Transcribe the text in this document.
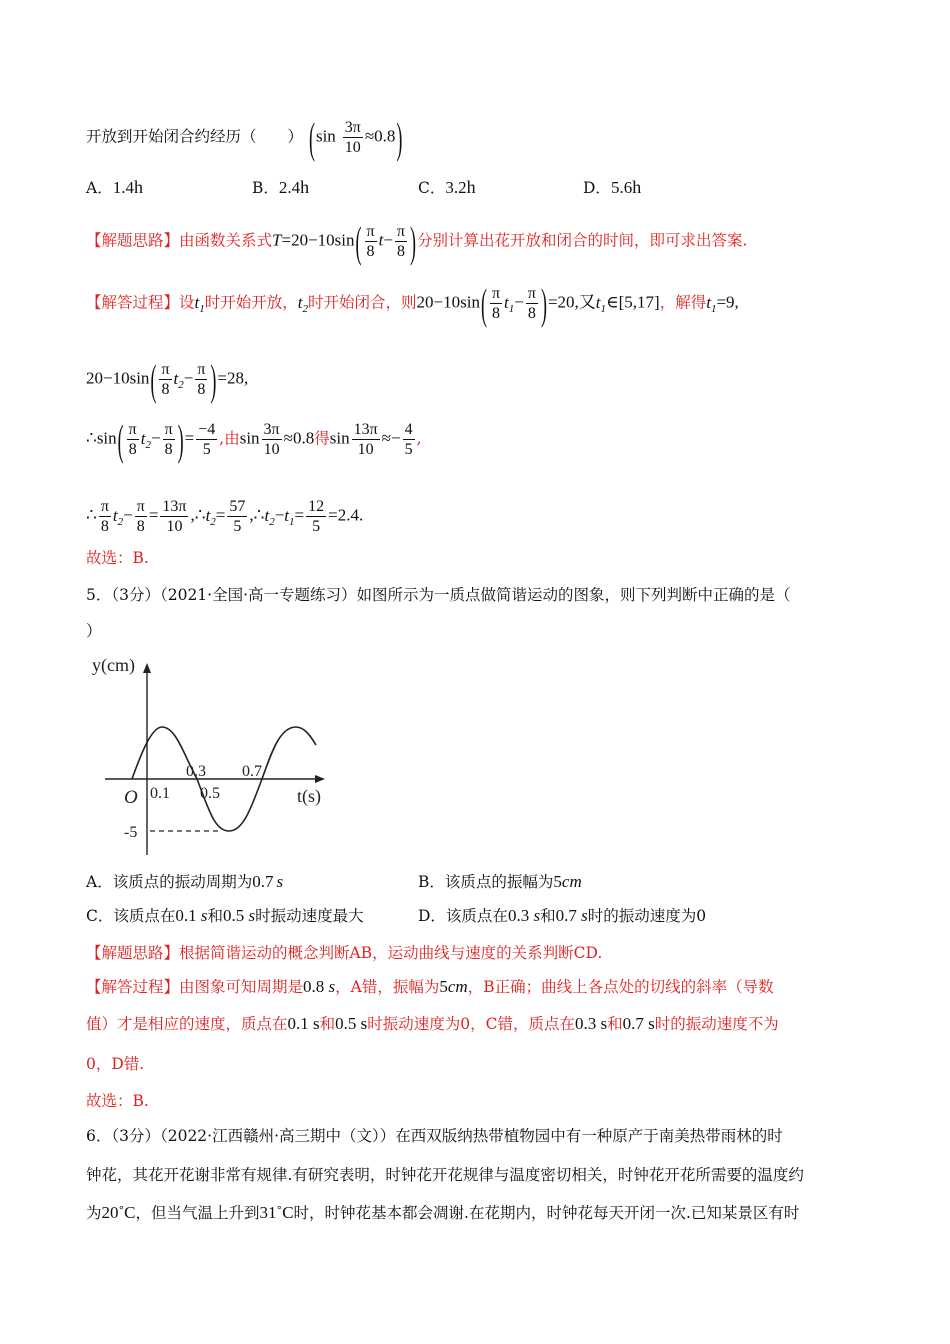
开放到开始闭合约经历（　　） $(\sin \frac{3\pi}{10} \approx 0.8)$
A．1.4h	B．2.4h	C．3.2h	D．5.6h
【解题思路】由函数关系式$T=20-10\sin( \frac{\pi}{8} t- \frac{\pi}{8}$ )分别计算出花开放和闭合的时间，即可求出答案.
【解答过程】设$t_1$时开始开放，$t_2$时开始闭合，则$20-10\sin( \frac{\pi}{8} t_1- \frac{\pi}{8} )=20$,又$t_1\in[5,17]$，解得$t_1=9$,
$20-10\sin( \frac{\pi}{8} t_2- \frac{\pi}{8} )=28$,
∴sin( $\frac{\pi}{8} t_2- \frac{\pi}{8}$ )= $\frac{-4}{5}$ ,由$\sin \frac{3\pi}{10} \approx 0.8$得$\sin \frac{13\pi}{10} \approx- \frac{4}{5}$ ,
∴ $\frac{\pi}{8} t_2- \frac{\pi}{8} = \frac{13\pi}{10}$ $,\therefore t_2= \frac{57}{5}$ $,\therefore t_2-t_1= \frac{12}{5} =2.4$.
故选：B.
5．（3分）（2021·全国·高一专题练习）如图所示为一质点做简谐运动的图象，则下列判断中正确的是（
）
y(cm)
t(s)
O 0.1
0.3
0.5
0.7
-5
A．该质点的振动周期为0.7 s	B．该质点的振幅为5cm
C．该质点在0.1 s和0.5 s时振动速度最大	D．该质点在0.3 s和0.7 s时的振动速度为0
【解题思路】根据简谐运动的概念判断AB，运动曲线与速度的关系判断CD.
【解答过程】由图象可知周期是0.8 s，A错，振幅为5cm，B正确；曲线上各点处的切线的斜率（导数
值）才是相应的速度，质点在0.1 s和0.5 s时振动速度为0，C错，质点在0.3 s和0.7 s时的振动速度不为
0，D错.
故选：B.
6．（3分）（2022·江西赣州·高三期中（文））在西双版纳热带植物园中有一种原产于南美热带雨林的时
钟花，其花开花谢非常有规律.有研究表明，时钟花开花规律与温度密切相关，时钟花开花所需要的温度约
为20˚C，但当气温上升到31˚C时，时钟花基本都会凋谢.在花期内，时钟花每天开闭一次.已知某景区有时
